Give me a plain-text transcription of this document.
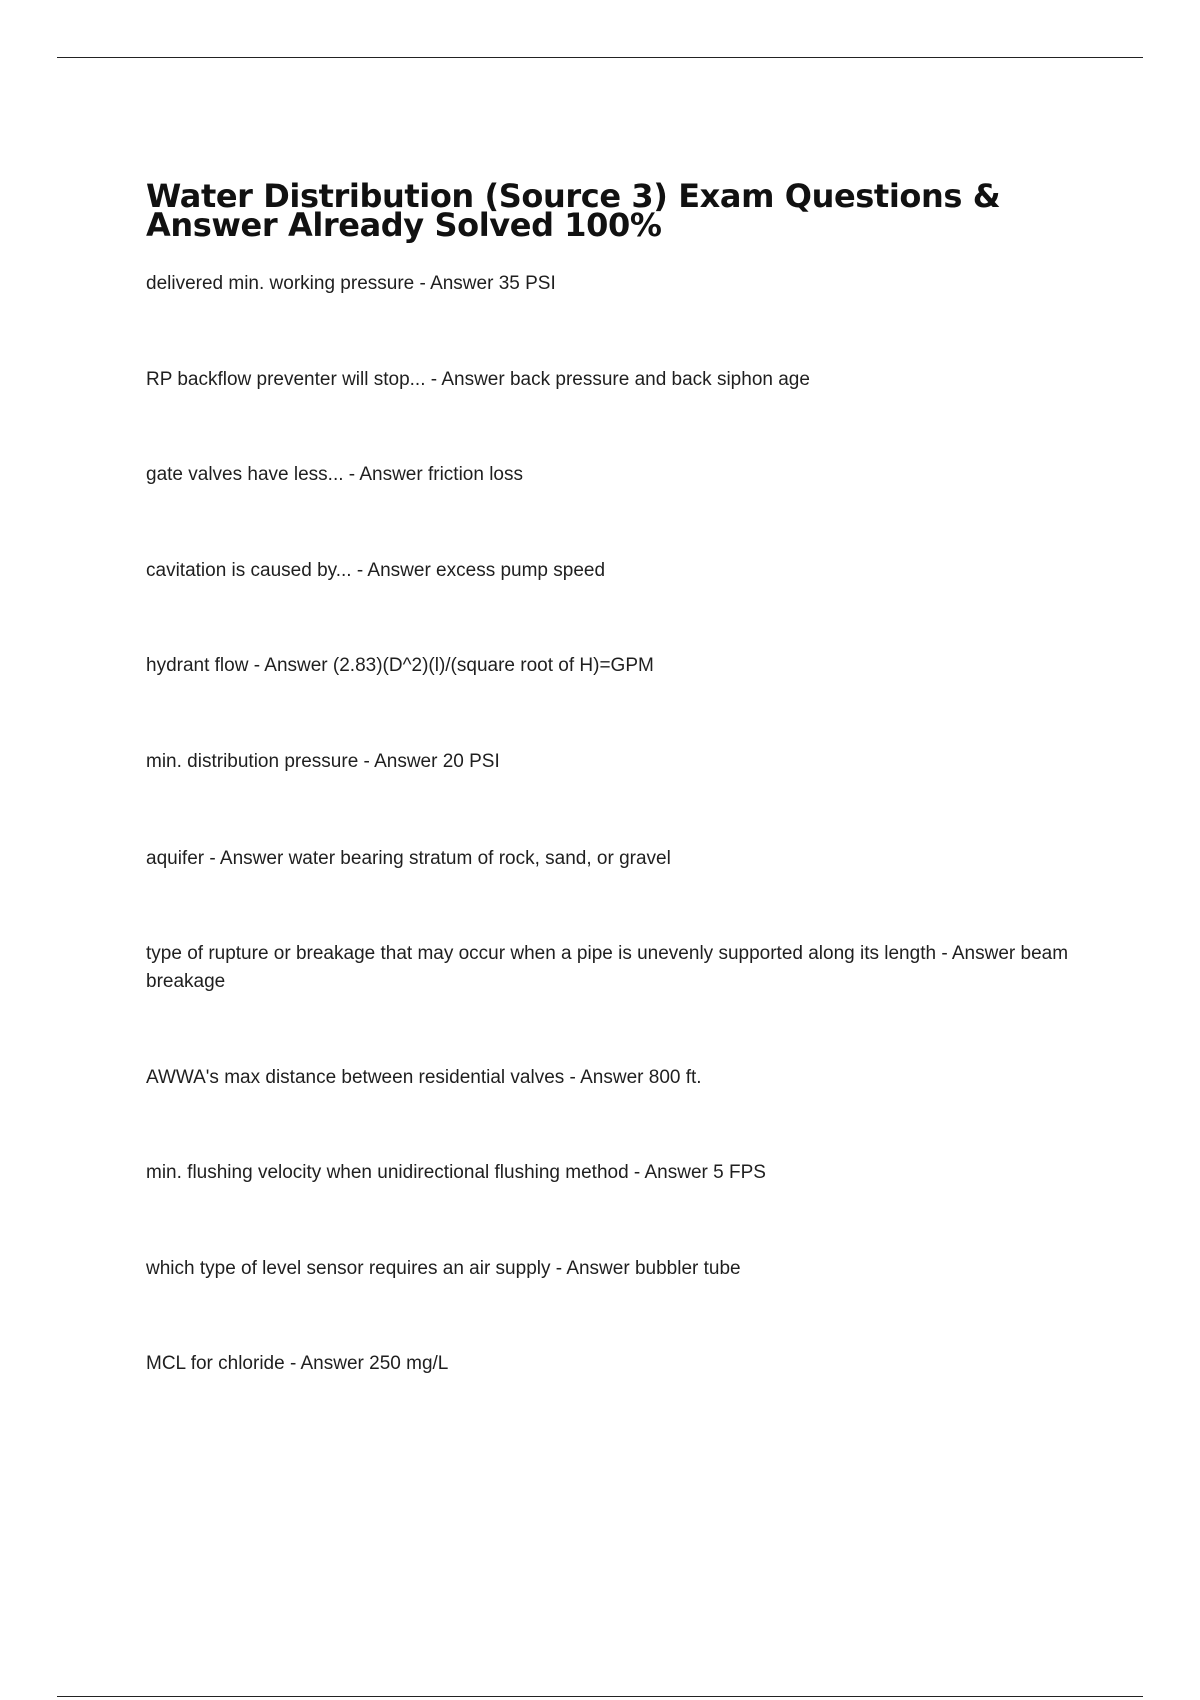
Water Distribution (Source 3) Exam Questions & Answer Already Solved 100%
delivered min. working pressure - Answer 35 PSI
RP backflow preventer will stop... - Answer back pressure and back siphon age
gate valves have less... - Answer friction loss
cavitation is caused by... - Answer excess pump speed
hydrant flow - Answer (2.83)(D^2)(l)/(square root of H)=GPM
min. distribution pressure - Answer 20 PSI
aquifer - Answer water bearing stratum of rock, sand, or gravel
type of rupture or breakage that may occur when a pipe is unevenly supported along its length - Answer beam breakage
AWWA's max distance between residential valves - Answer 800 ft.
min. flushing velocity when unidirectional flushing method - Answer 5 FPS
which type of level sensor requires an air supply - Answer bubbler tube
MCL for chloride - Answer 250 mg/L
